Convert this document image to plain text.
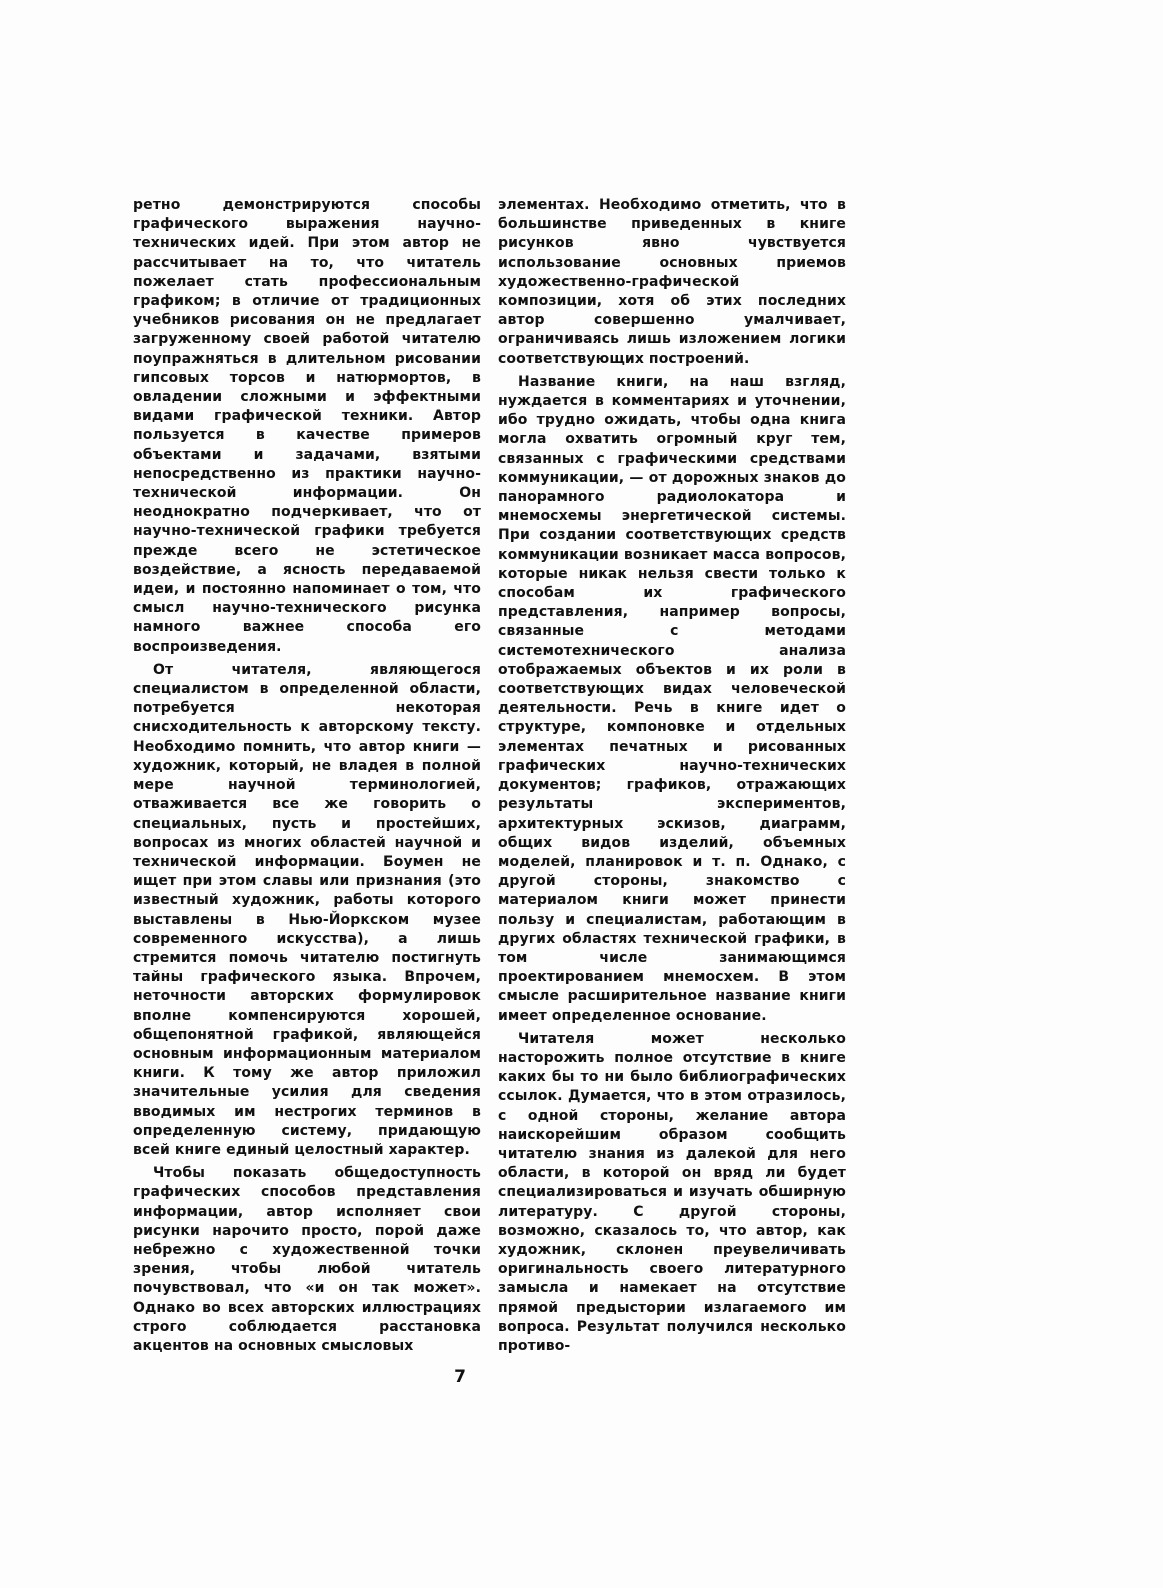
ретно демонстрируются способы графического выражения научно-технических идей. При этом автор не рассчитывает на то, что читатель пожелает стать профессиональным графиком; в отличие от традиционных учебников рисования он не предлагает загруженному своей работой читателю поупражняться в длительном рисовании гипсовых торсов и натюрмортов, в овладении сложными и эффектными видами графической техники. Автор пользуется в качестве примеров объектами и задачами, взятыми непосредственно из практики научно-технической информации. Он неоднократно подчеркивает, что от научно-технической графики требуется прежде всего не эстетическое воздействие, а ясность передаваемой идеи, и постоянно напоминает о том, что смысл научно-технического рисунка намного важнее способа его воспроизведения.

От читателя, являющегося специалистом в определенной области, потребуется некоторая снисходительность к авторскому тексту. Необходимо помнить, что автор книги — художник, который, не владея в полной мере научной терминологией, отваживается все же говорить о специальных, пусть и простейших, вопросах из многих областей научной и технической информации. Боумен не ищет при этом славы или признания (это известный художник, работы которого выставлены в Нью-Йоркском музее современного искусства), а лишь стремится помочь читателю постигнуть тайны графического языка. Впрочем, неточности авторских формулировок вполне компенсируются хорошей, общепонятной графикой, являющейся основным информационным материалом книги. К тому же автор приложил значительные усилия для сведения вводимых им нестрогих терминов в определенную систему, придающую всей книге единый целостный характер.

Чтобы показать общедоступность графических способов представления информации, автор исполняет свои рисунки нарочито просто, порой даже небрежно с художественной точки зрения, чтобы любой читатель почувствовал, что «и он так может». Однако во всех авторских иллюстрациях строго соблюдается расстановка акцентов на основных смысловых

элементах. Необходимо отметить, что в большинстве приведенных в книге рисунков явно чувствуется использование основных приемов художественно-графической композиции, хотя об этих последних автор совершенно умалчивает, ограничиваясь лишь изложением логики соответствующих построений.

Название книги, на наш взгляд, нуждается в комментариях и уточнении, ибо трудно ожидать, чтобы одна книга могла охватить огромный круг тем, связанных с графическими средствами коммуникации, — от дорожных знаков до панорамного радиолокатора и мнемосхемы энергетической системы. При создании соответствующих средств коммуникации возникает масса вопросов, которые никак нельзя свести только к способам их графического представления, например вопросы, связанные с методами системотехнического анализа отображаемых объектов и их роли в соответствующих видах человеческой деятельности. Речь в книге идет о структуре, компоновке и отдельных элементах печатных и рисованных графических научно-технических документов; графиков, отражающих результаты экспериментов, архитектурных эскизов, диаграмм, общих видов изделий, объемных моделей, планировок и т. п. Однако, с другой стороны, знакомство с материалом книги может принести пользу и специалистам, работающим в других областях технической графики, в том числе занимающимся проектированием мнемосхем. В этом смысле расширительное название книги имеет определенное основание.

Читателя может несколько насторожить полное отсутствие в книге каких бы то ни было библиографических ссылок. Думается, что в этом отразилось, с одной стороны, желание автора наискорейшим образом сообщить читателю знания из далекой для него области, в которой он вряд ли будет специализироваться и изучать обширную литературу. С другой стороны, возможно, сказалось то, что автор, как художник, склонен преувеличивать оригинальность своего литературного замысла и намекает на отсутствие прямой предыстории излагаемого им вопроса. Результат получился несколько противо-

7
